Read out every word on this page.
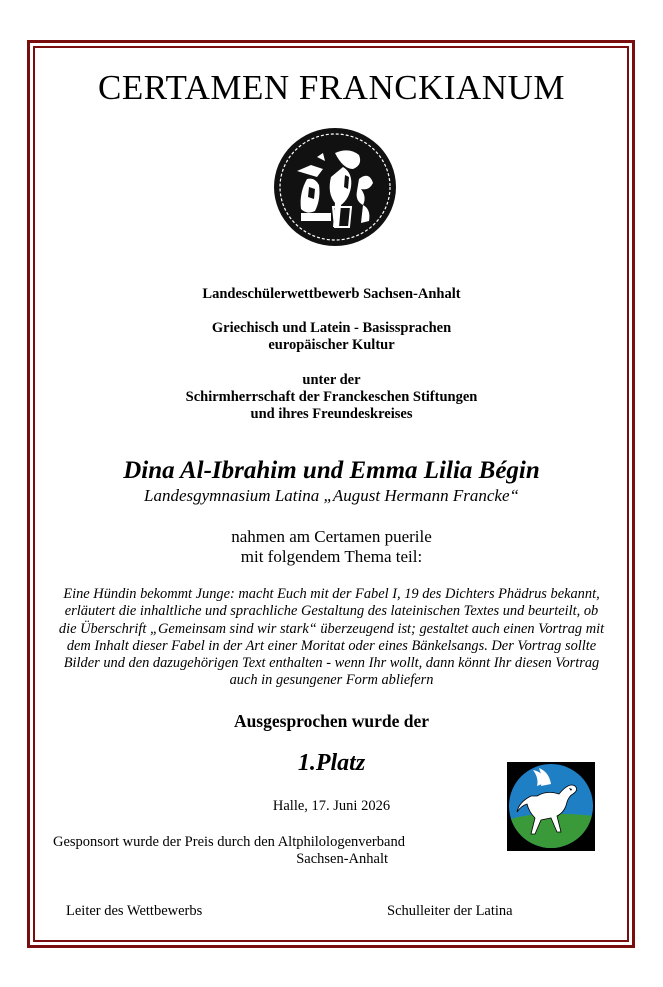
CERTAMEN FRANCKIANUM
Landeschülerwettbewerb Sachsen-Anhalt
Griechisch und Latein - Basissprachen
europäischer Kultur
unter der
Schirmherrschaft der Franckeschen Stiftungen
und ihres Freundeskreises
Dina Al-Ibrahim und Emma Lilia Bégin
Landesgymnasium Latina „August Hermann Francke“
nahmen am Certamen puerile
mit folgendem Thema teil:
Eine Hündin bekommt Junge: macht Euch mit der Fabel I, 19 des Dichters Phädrus bekannt,
erläutert die inhaltliche und sprachliche Gestaltung des lateinischen Textes und beurteilt, ob
die Überschrift „Gemeinsam sind wir stark“ überzeugend ist; gestaltet auch einen Vortrag mit
dem Inhalt dieser Fabel in der Art einer Moritat oder eines Bänkelsangs. Der Vortrag sollte
Bilder und den dazugehörigen Text enthalten - wenn Ihr wollt, dann könnt Ihr diesen Vortrag
auch in gesungener Form abliefern
Ausgesprochen wurde der
1.Platz
Halle, 17. Juni 2026
Gesponsort wurde der Preis durch den Altphilologenverband
Sachsen-Anhalt
Leiter des Wettbewerbs	Schulleiter der Latina
